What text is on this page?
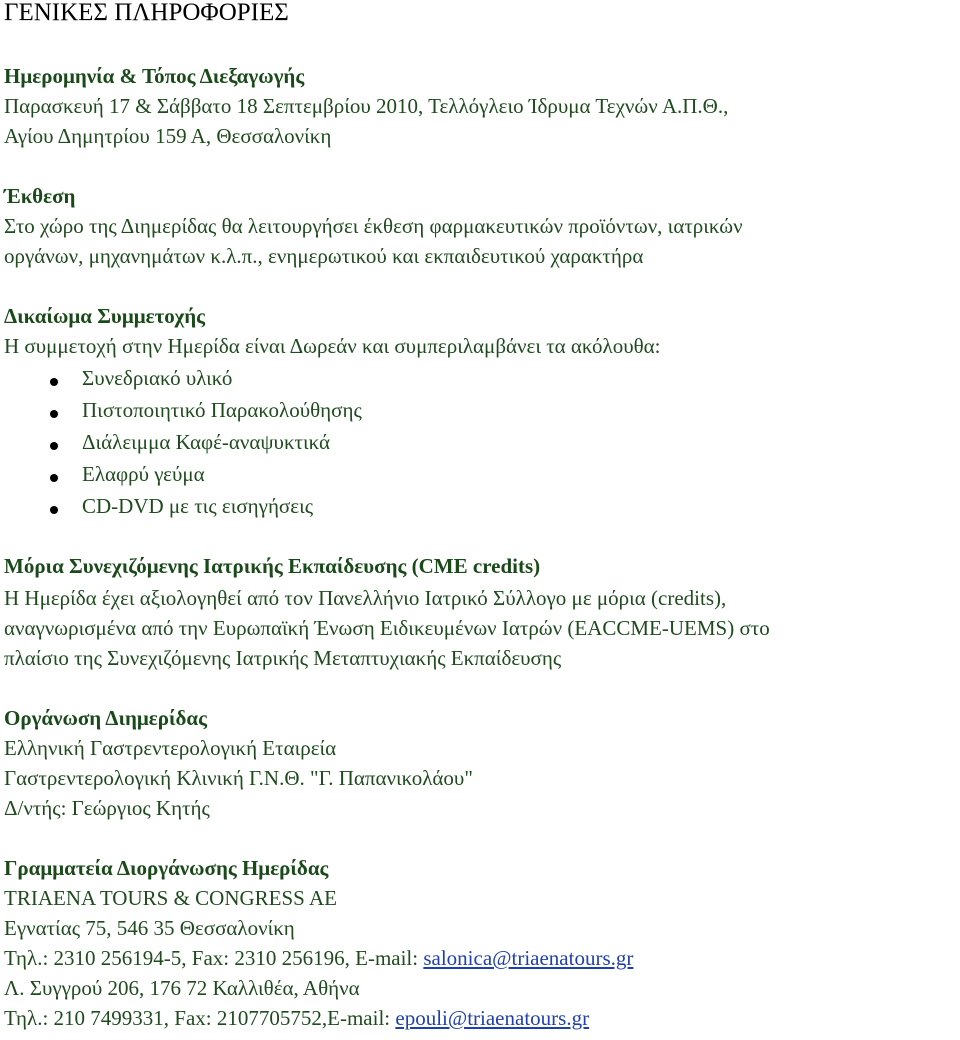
ΓΕΝΙΚΕΣ ΠΛΗΡΟΦΟΡΙΕΣ
Ημερομηνία & Τόπος Διεξαγωγής
Παρασκευή 17 & Σάββατο 18 Σεπτεμβρίου 2010, Τελλόγλειο Ίδρυμα Τεχνών Α.Π.Θ.,
Αγίου Δημητρίου 159 Α, Θεσσαλονίκη
Έκθεση
Στο χώρο της Διημερίδας θα λειτουργήσει έκθεση φαρμακευτικών προϊόντων, ιατρικών
οργάνων, μηχανημάτων κ.λ.π., ενημερωτικού και εκπαιδευτικού χαρακτήρα
Δικαίωμα Συμμετοχής
Η συμμετοχή στην Ημερίδα είναι Δωρεάν και συμπεριλαμβάνει τα ακόλουθα:
Συνεδριακό υλικό
Πιστοποιητικό Παρακολούθησης
Διάλειμμα Καφέ-αναψυκτικά
Ελαφρύ γεύμα
CD-DVD με τις εισηγήσεις
Μόρια Συνεχιζόμενης Ιατρικής Εκπαίδευσης (CME credits)
Η Ημερίδα έχει αξιολογηθεί από τον Πανελλήνιο Ιατρικό Σύλλογο με μόρια (credits),
αναγνωρισμένα από την Ευρωπαϊκή Ένωση Ειδικευμένων Ιατρών (EACCME-UEMS) στο
πλαίσιο της Συνεχιζόμενης Ιατρικής Μεταπτυχιακής Εκπαίδευσης
Οργάνωση Διημερίδας
Ελληνική Γαστρεντερολογική Εταιρεία
Γαστρεντερολογική Κλινική Γ.Ν.Θ. "Γ. Παπανικολάου"
Δ/ντής: Γεώργιος Κητής
Γραμματεία Διοργάνωσης Ημερίδας
TRIAENA TOURS & CONGRESS AE
Εγνατίας 75, 546 35 Θεσσαλονίκη
Τηλ.: 2310 256194-5, Fax: 2310 256196, E-mail: salonica@triaenatours.gr
Λ. Συγγρού 206, 176 72 Καλλιθέα, Αθήνα
Τηλ.: 210 7499331, Fax: 2107705752,E-mail: epouli@triaenatours.gr
